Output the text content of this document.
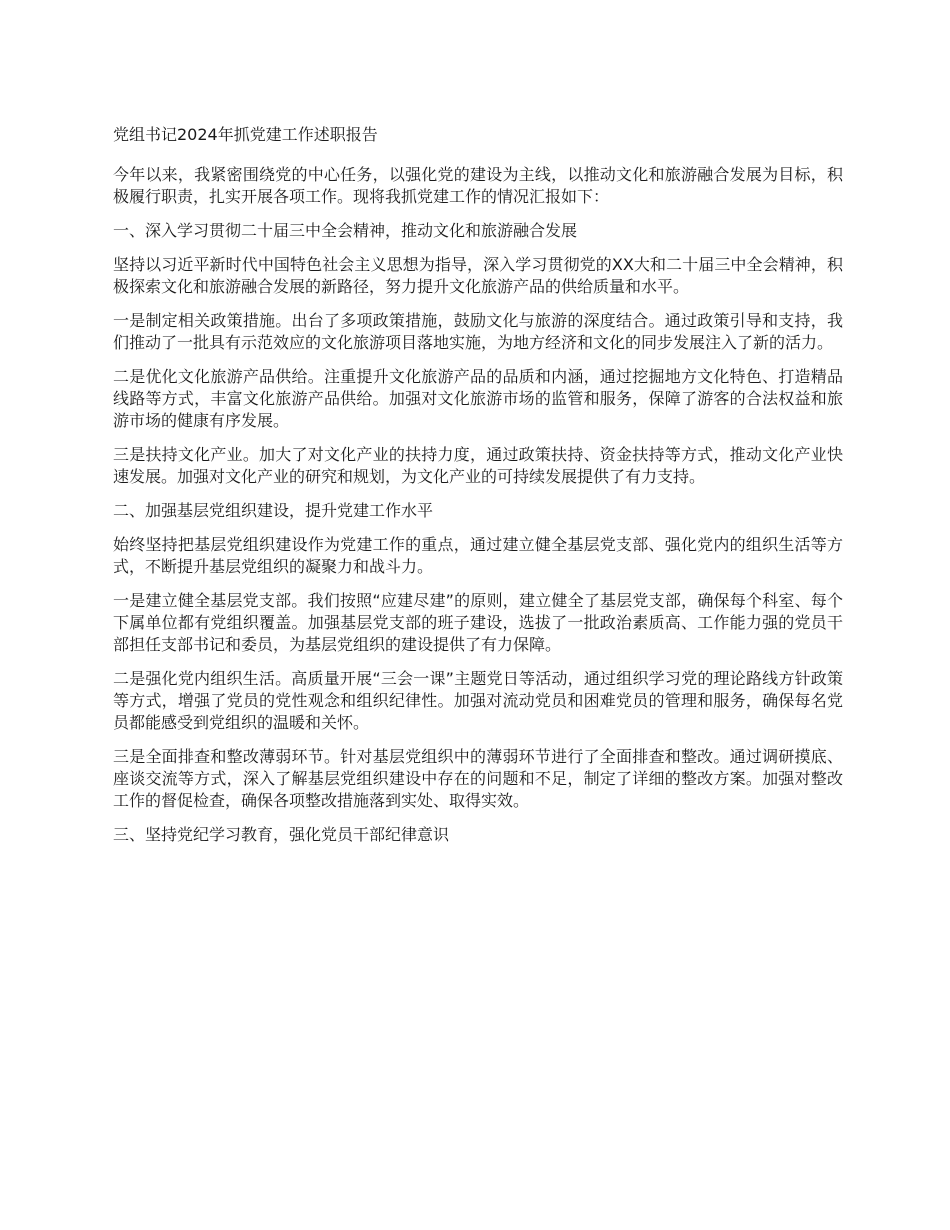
党组书记2024年抓党建工作述职报告

今年以来，我紧密围绕党的中心任务，以强化党的建设为主线，以推动文化和旅游融合发展为目标，积极履行职责，扎实开展各项工作。现将我抓党建工作的情况汇报如下：

一、深入学习贯彻二十届三中全会精神，推动文化和旅游融合发展

坚持以习近平新时代中国特色社会主义思想为指导，深入学习贯彻党的XX大和二十届三中全会精神，积极探索文化和旅游融合发展的新路径，努力提升文化旅游产品的供给质量和水平。

一是制定相关政策措施。出台了多项政策措施，鼓励文化与旅游的深度结合。通过政策引导和支持，我们推动了一批具有示范效应的文化旅游项目落地实施，为地方经济和文化的同步发展注入了新的活力。

二是优化文化旅游产品供给。注重提升文化旅游产品的品质和内涵，通过挖掘地方文化特色、打造精品线路等方式，丰富文化旅游产品供给。加强对文化旅游市场的监管和服务，保障了游客的合法权益和旅游市场的健康有序发展。

三是扶持文化产业。加大了对文化产业的扶持力度，通过政策扶持、资金扶持等方式，推动文化产业快速发展。加强对文化产业的研究和规划，为文化产业的可持续发展提供了有力支持。

二、加强基层党组织建设，提升党建工作水平

始终坚持把基层党组织建设作为党建工作的重点，通过建立健全基层党支部、强化党内的组织生活等方式，不断提升基层党组织的凝聚力和战斗力。

一是建立健全基层党支部。我们按照“应建尽建”的原则，建立健全了基层党支部，确保每个科室、每个下属单位都有党组织覆盖。加强基层党支部的班子建设，选拔了一批政治素质高、工作能力强的党员干部担任支部书记和委员，为基层党组织的建设提供了有力保障。

二是强化党内组织生活。高质量开展“三会一课”主题党日等活动，通过组织学习党的理论路线方针政策等方式，增强了党员的党性观念和组织纪律性。加强对流动党员和困难党员的管理和服务，确保每名党员都能感受到党组织的温暖和关怀。

三是全面排查和整改薄弱环节。针对基层党组织中的薄弱环节进行了全面排查和整改。通过调研摸底、座谈交流等方式，深入了解基层党组织建设中存在的问题和不足，制定了详细的整改方案。加强对整改工作的督促检查，确保各项整改措施落到实处、取得实效。

三、坚持党纪学习教育，强化党员干部纪律意识
